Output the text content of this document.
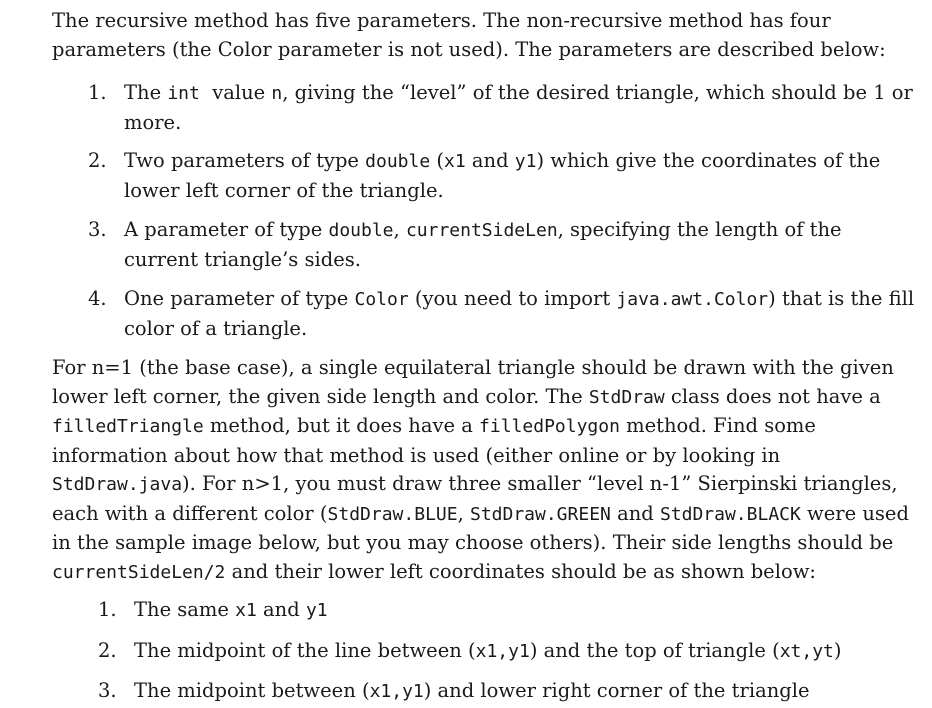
The recursive method has five parameters. The non-recursive method has four parameters (the Color parameter is not used). The parameters are described below:

1. The int  value n, giving the “level” of the desired triangle, which should be 1 or more.
2. Two parameters of type double (x1 and y1) which give the coordinates of the lower left corner of the triangle.
3. A parameter of type double, currentSideLen, specifying the length of the current triangle’s sides.
4. One parameter of type Color (you need to import java.awt.Color) that is the fill color of a triangle.

For n=1 (the base case), a single equilateral triangle should be drawn with the given lower left corner, the given side length and color. The StdDraw class does not have a filledTriangle method, but it does have a filledPolygon method. Find some information about how that method is used (either online or by looking in StdDraw.java). For n>1, you must draw three smaller “level n-1” Sierpinski triangles, each with a different color (StdDraw.BLUE, StdDraw.GREEN and StdDraw.BLACK were used in the sample image below, but you may choose others). Their side lengths should be currentSideLen/2 and their lower left coordinates should be as shown below:

1. The same x1 and y1
2. The midpoint of the line between (x1,y1) and the top of triangle (xt,yt)
3. The midpoint between (x1,y1) and lower right corner of the triangle
